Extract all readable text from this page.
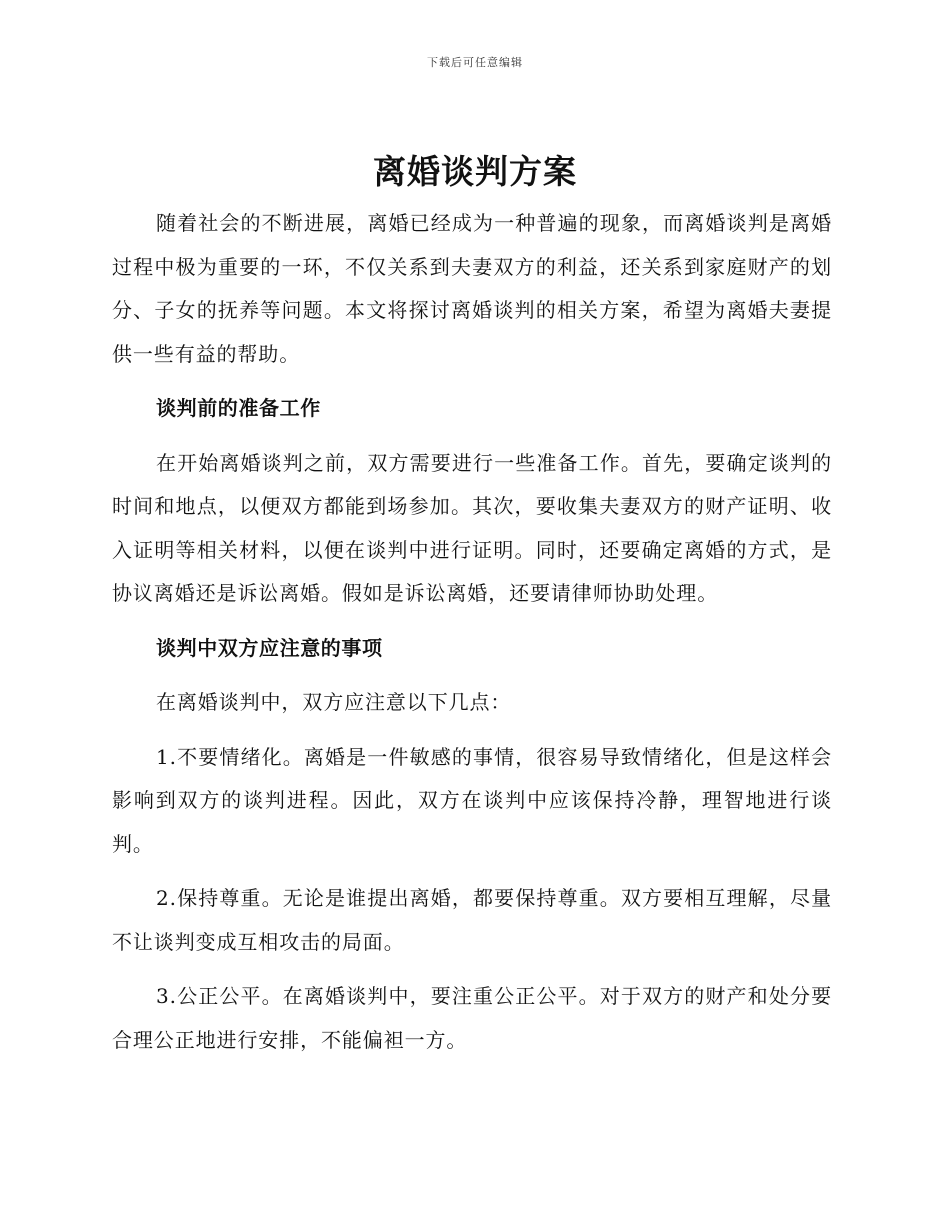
下载后可任意编辑
离婚谈判方案

随着社会的不断进展，离婚已经成为一种普遍的现象，而离婚谈判是离婚过程中极为重要的一环，不仅关系到夫妻双方的利益，还关系到家庭财产的划分、子女的抚养等问题。本文将探讨离婚谈判的相关方案，希望为离婚夫妻提供一些有益的帮助。

谈判前的准备工作

在开始离婚谈判之前，双方需要进行一些准备工作。首先，要确定谈判的时间和地点，以便双方都能到场参加。其次，要收集夫妻双方的财产证明、收入证明等相关材料，以便在谈判中进行证明。同时，还要确定离婚的方式，是协议离婚还是诉讼离婚。假如是诉讼离婚，还要请律师协助处理。

谈判中双方应注意的事项

在离婚谈判中，双方应注意以下几点：

1.不要情绪化。离婚是一件敏感的事情，很容易导致情绪化，但是这样会影响到双方的谈判进程。因此，双方在谈判中应该保持冷静，理智地进行谈判。

2.保持尊重。无论是谁提出离婚，都要保持尊重。双方要相互理解，尽量不让谈判变成互相攻击的局面。

3.公正公平。在离婚谈判中，要注重公正公平。对于双方的财产和处分要合理公正地进行安排，不能偏袒一方。
